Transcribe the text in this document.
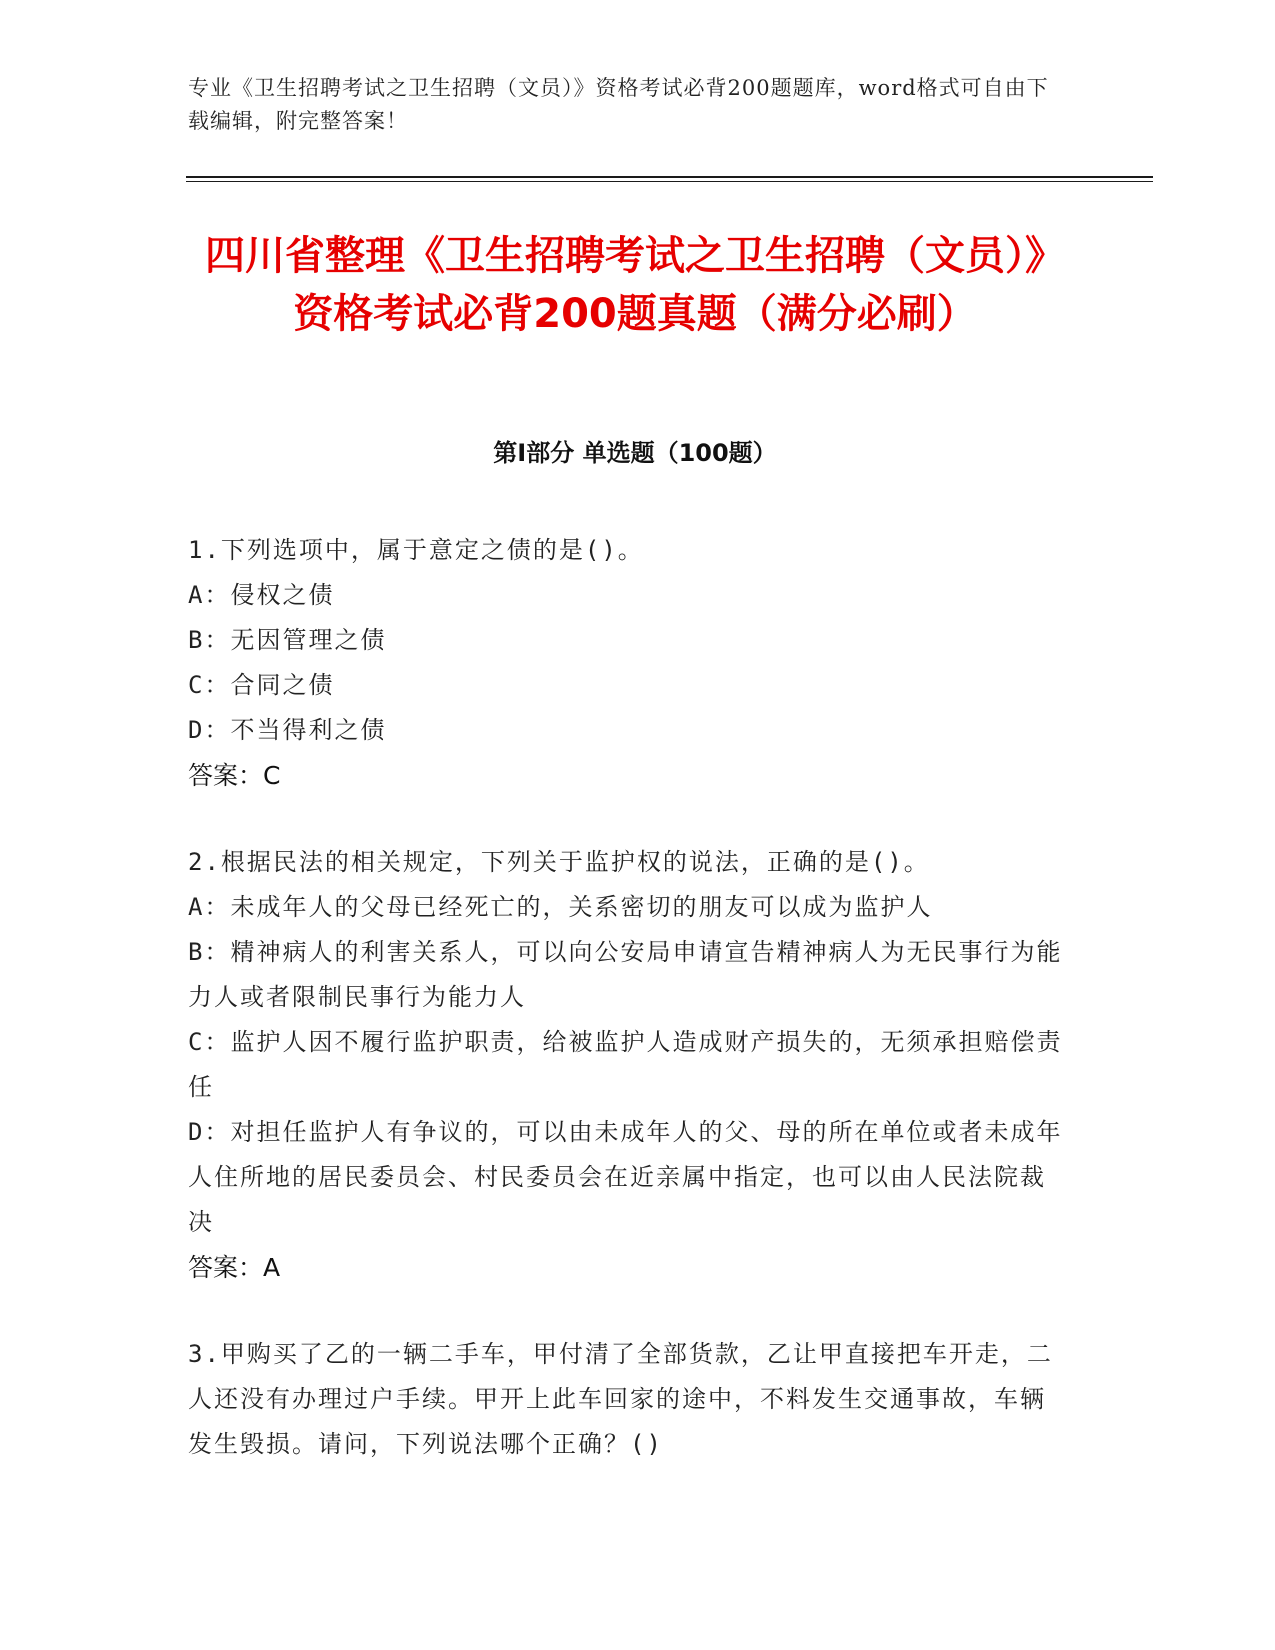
专业《卫生招聘考试之卫生招聘（文员）》资格考试必背200题题库，word格式可自由下载编辑，附完整答案！
四川省整理《卫生招聘考试之卫生招聘（文员）》资格考试必背200题真题（满分必刷）
第I部分 单选题（100题）

1.下列选项中，属于意定之债的是()。

A：侵权之债

B：无因管理之债

C：合同之债

D：不当得利之债

答案：C

2.根据民法的相关规定，下列关于监护权的说法，正确的是()。

A：未成年人的父母已经死亡的，关系密切的朋友可以成为监护人

B：精神病人的利害关系人，可以向公安局申请宣告精神病人为无民事行为能力人或者限制民事行为能力人

C：监护人因不履行监护职责，给被监护人造成财产损失的，无须承担赔偿责任

D：对担任监护人有争议的，可以由未成年人的父、母的所在单位或者未成年人住所地的居民委员会、村民委员会在近亲属中指定，也可以由人民法院裁决

答案：A

3.甲购买了乙的一辆二手车，甲付清了全部货款，乙让甲直接把车开走，二人还没有办理过户手续。甲开上此车回家的途中，不料发生交通事故，车辆发生毁损。请问，下列说法哪个正确？()
